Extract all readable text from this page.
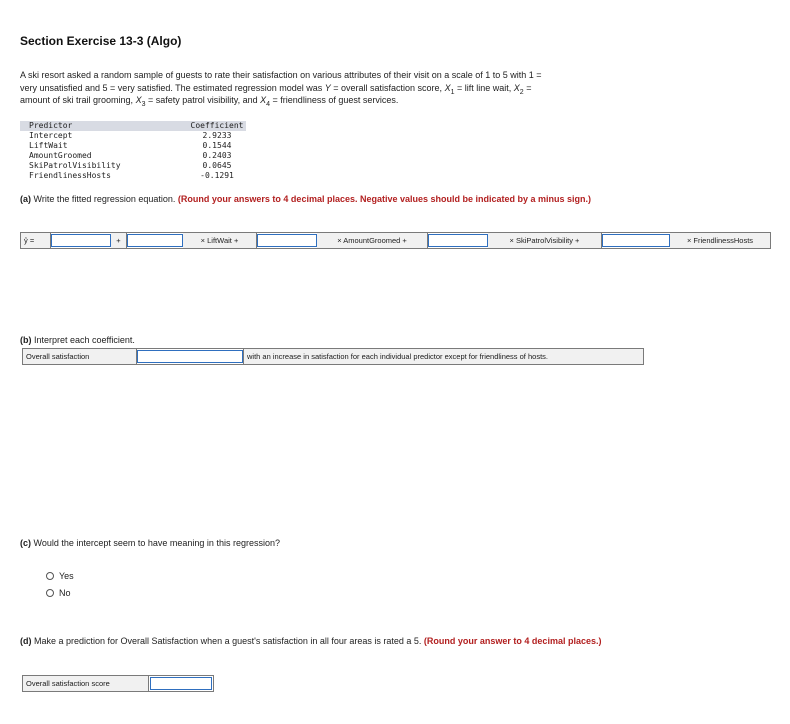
Section Exercise 13-3 (Algo)
A ski resort asked a random sample of guests to rate their satisfaction on various attributes of their visit on a scale of 1 to 5 with 1 =
very unsatisfied and 5 = very satisfied. The estimated regression model was Y = overall satisfaction score, $X_1$ = lift line wait, $X_2$ =
amount of ski trail grooming, $X_3$ = safety patrol visibility, and $X_4$ = friendliness of guest services.
Predictor	Coefficient
Intercept	2.9233
LiftWait	0.1544
AmountGroomed	0.2403
SkiPatrolVisibility	0.0645
FriendlinessHosts	-0.1291
(a) Write the fitted regression equation. (Round your answers to 4 decimal places. Negative values should be indicated by a minus sign.)
ŷ =	+	× LiftWait +	× AmountGroomed +	× SkiPatrolVisibility +	× FriendlinessHosts
(b) Interpret each coefficient.
Overall satisfaction	with an increase in satisfaction for each individual predictor except for friendliness of hosts.
(c) Would the intercept seem to have meaning in this regression?
Yes
No
(d) Make a prediction for Overall Satisfaction when a guest's satisfaction in all four areas is rated a 5. (Round your answer to 4 decimal places.)
Overall satisfaction score
